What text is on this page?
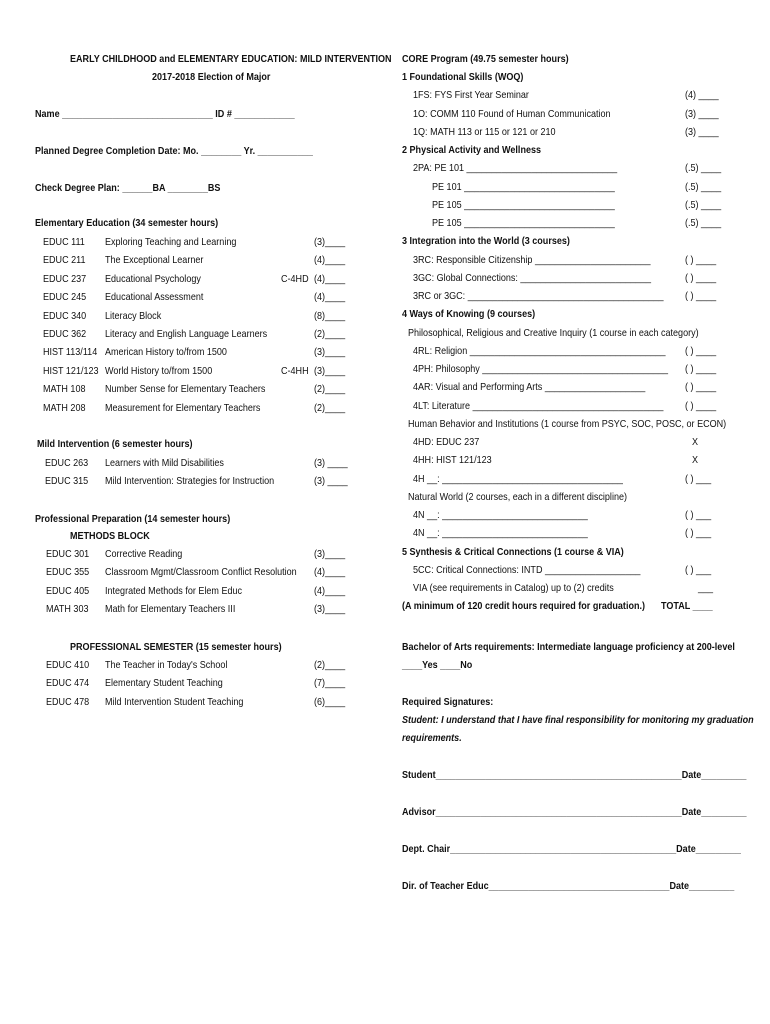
EARLY CHILDHOOD and ELEMENTARY EDUCATION: MILD INTERVENTION
2017-2018 Election of Major
Name ______________________________ ID # ____________
Planned Degree Completion Date: Mo. ________ Yr. ___________
Check Degree Plan: ______BA ________BS
Elementary Education (34 semester hours)
EDUC 111 Exploring Teaching and Learning	(3)____
EDUC 211 The Exceptional Learner	(4)____
EDUC 237 Educational Psychology	C-4HD (4)____
EDUC 245 Educational Assessment	(4)____
EDUC 340 Literacy Block	(8)____
EDUC 362 Literacy and English Language Learners	(2)____
HIST 113/114 American History to/from 1500	(3)____
HIST 121/123 World History to/from 1500	C-4HH (3)____
MATH 108 Number Sense for Elementary Teachers	(2)____
MATH 208 Measurement for Elementary Teachers	(2)____
Mild Intervention (6 semester hours)
EDUC 263 Learners with Mild Disabilities	(3) ____
EDUC 315 Mild Intervention: Strategies for Instruction	(3) ____
Professional Preparation (14 semester hours)
METHODS BLOCK
EDUC 301 Corrective Reading	(3)____
EDUC 355 Classroom Mgmt/Classroom Conflict Resolution (4)____
EDUC 405 Integrated Methods for Elem Educ	(4)____
MATH 303 Math for Elementary Teachers III	(3)____
PROFESSIONAL SEMESTER (15 semester hours)
EDUC 410 The Teacher in Today's School	(2)____
EDUC 474 Elementary Student Teaching	(7)____
EDUC 478 Mild Intervention Student Teaching	(6)____
CORE Program (49.75 semester hours)
1 Foundational Skills (WOQ)
1FS: FYS First Year Seminar	(4) ____
1O: COMM 110 Found of Human Communication	(3) ____
1Q: MATH 113 or 115 or 121 or 210	(3) ____
2 Physical Activity and Wellness
2PA: PE 101 ______________________________	(.5) ____
PE 101 ______________________________	(.5) ____
PE 105 ______________________________	(.5) ____
PE 105 ______________________________	(.5) ____
3 Integration into the World (3 courses)
3RC: Responsible Citizenship _______________________	( ) ____
3GC: Global Connections: __________________________	( ) ____
3RC or 3GC: _______________________________________ ( ) ____
4 Ways of Knowing (9 courses)
Philosophical, Religious and Creative Inquiry (1 course in each category)
4RL: Religion _______________________________________ ( ) ____
4PH: Philosophy _____________________________________ ( ) ____
4AR: Visual and Performing Arts ____________________	( ) ____
4LT: Literature ______________________________________ ( ) ____
Human Behavior and Institutions (1 course from PSYC, SOC, POSC, or ECON)
4HD: EDUC 237	X
4HH: HIST 121/123	X
4H __: ____________________________________	( ) ___
Natural World (2 courses, each in a different discipline)
4N __: _____________________________	( ) ___
4N __: _____________________________	( ) ___
5 Synthesis & Critical Connections (1 course & VIA)
5CC: Critical Connections: INTD ___________________	( ) ___
VIA (see requirements in Catalog) up to (2) credits	___
(A minimum of 120 credit hours required for graduation.) TOTAL ____
Bachelor of Arts requirements: Intermediate language proficiency at 200-level
____Yes ____No
Required Signatures:
Student: I understand that I have final responsibility for monitoring my graduation
requirements.
Student_________________________________________________Date_________
Advisor_________________________________________________Date_________
Dept. Chair_____________________________________________Date_________
Dir. of Teacher Educ____________________________________Date_________
